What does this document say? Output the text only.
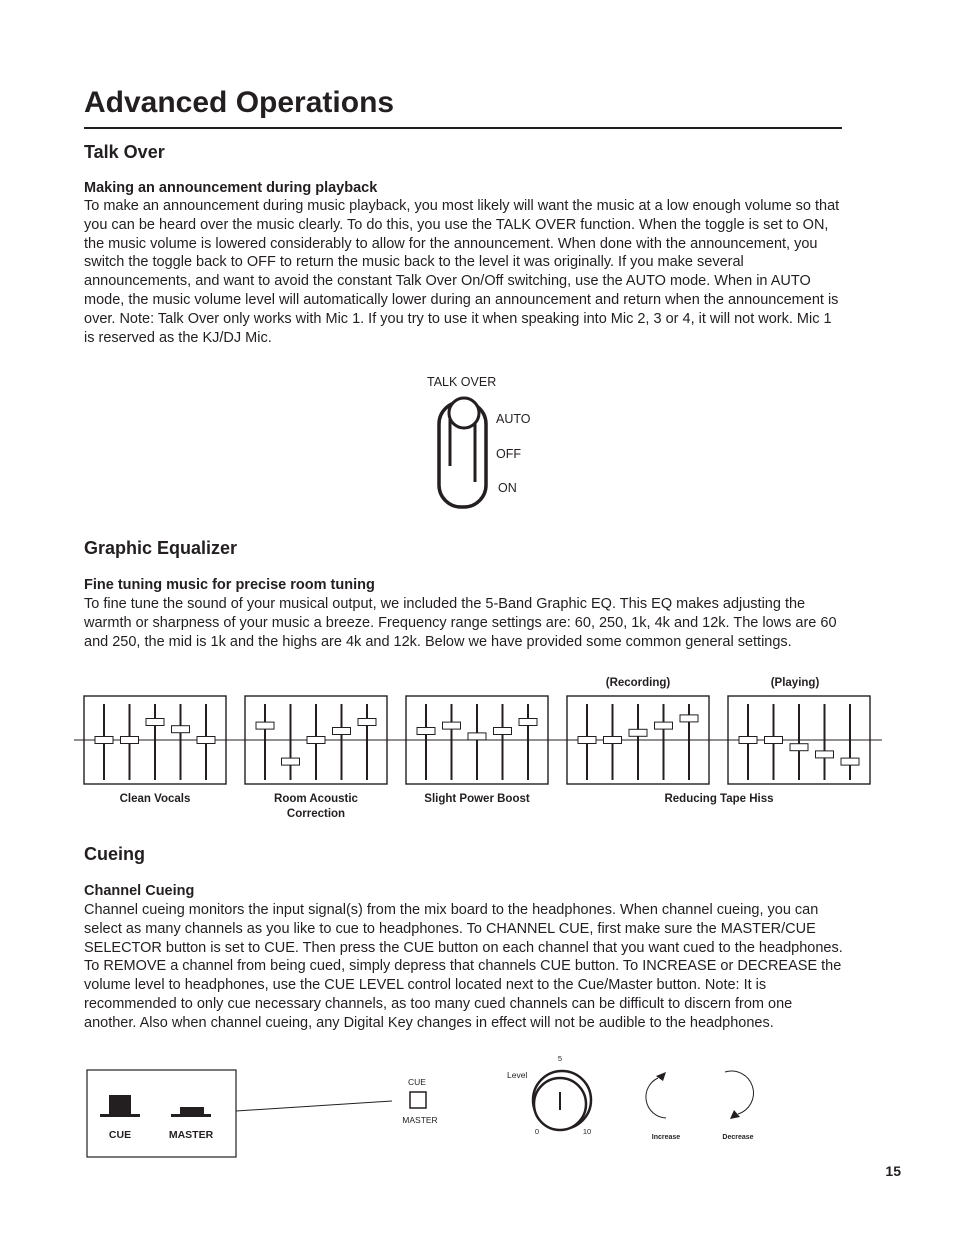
Advanced Operations
Talk Over
Making an announcement during playback

To make an announcement during music playback, you most likely will want the music at a low enough volume so that you can be heard over the music clearly. To do this, you use the TALK OVER function. When the toggle is set to ON, the music volume is lowered considerably to allow for the announcement. When done with the announcement, you switch the toggle back to OFF to return the music back to the level it was originally. If you make several announcements, and want to avoid the constant Talk Over On/Off switching, use the AUTO mode. When in AUTO mode, the music volume level will automatically lower during an announcement and return when the announcement is over. Note: Talk Over only works with Mic 1. If you try to use it when speaking into Mic 2, 3 or 4, it will not work. Mic 1 is reserved as the KJ/DJ Mic.

TALK OVER
AUTO
OFF
ON
Graphic Equalizer
Fine tuning music for precise room tuning

To fine tune the sound of your musical output, we included the 5-Band Graphic EQ. This EQ makes adjusting the warmth or sharpness of your music a breeze. Frequency range settings are: 60, 250, 1k, 4k and 12k. The lows are 60 and 250, the mid is 1k and the highs are 4k and 12k. Below we have provided some common general settings.

(Recording)	(Playing)
Clean Vocals	Room Acoustic Correction
Slight Power Boost	Reducing Tape Hiss
Cueing
Channel Cueing

Channel cueing monitors the input signal(s) from the mix board to the headphones. When channel cueing, you can select as many channels as you like to cue to headphones. To CHANNEL CUE, first make sure the MASTER/CUE SELECTOR button is set to CUE. Then press the CUE button on each channel that you want cued to the headphones. To REMOVE a channel from being cued, simply depress that channels CUE button. To INCREASE or DECREASE the volume level to headphones, use the CUE LEVEL control located next to the Cue/Master button. Note: It is recommended to only cue necessary channels, as too many cued channels can be difficult to discern from one another. Also when channel cueing, any Digital Key changes in effect will not be audible to the headphones.

CUE	MASTER
CUE
MASTER
5
Level
0	10
Increase	Decrease
15
